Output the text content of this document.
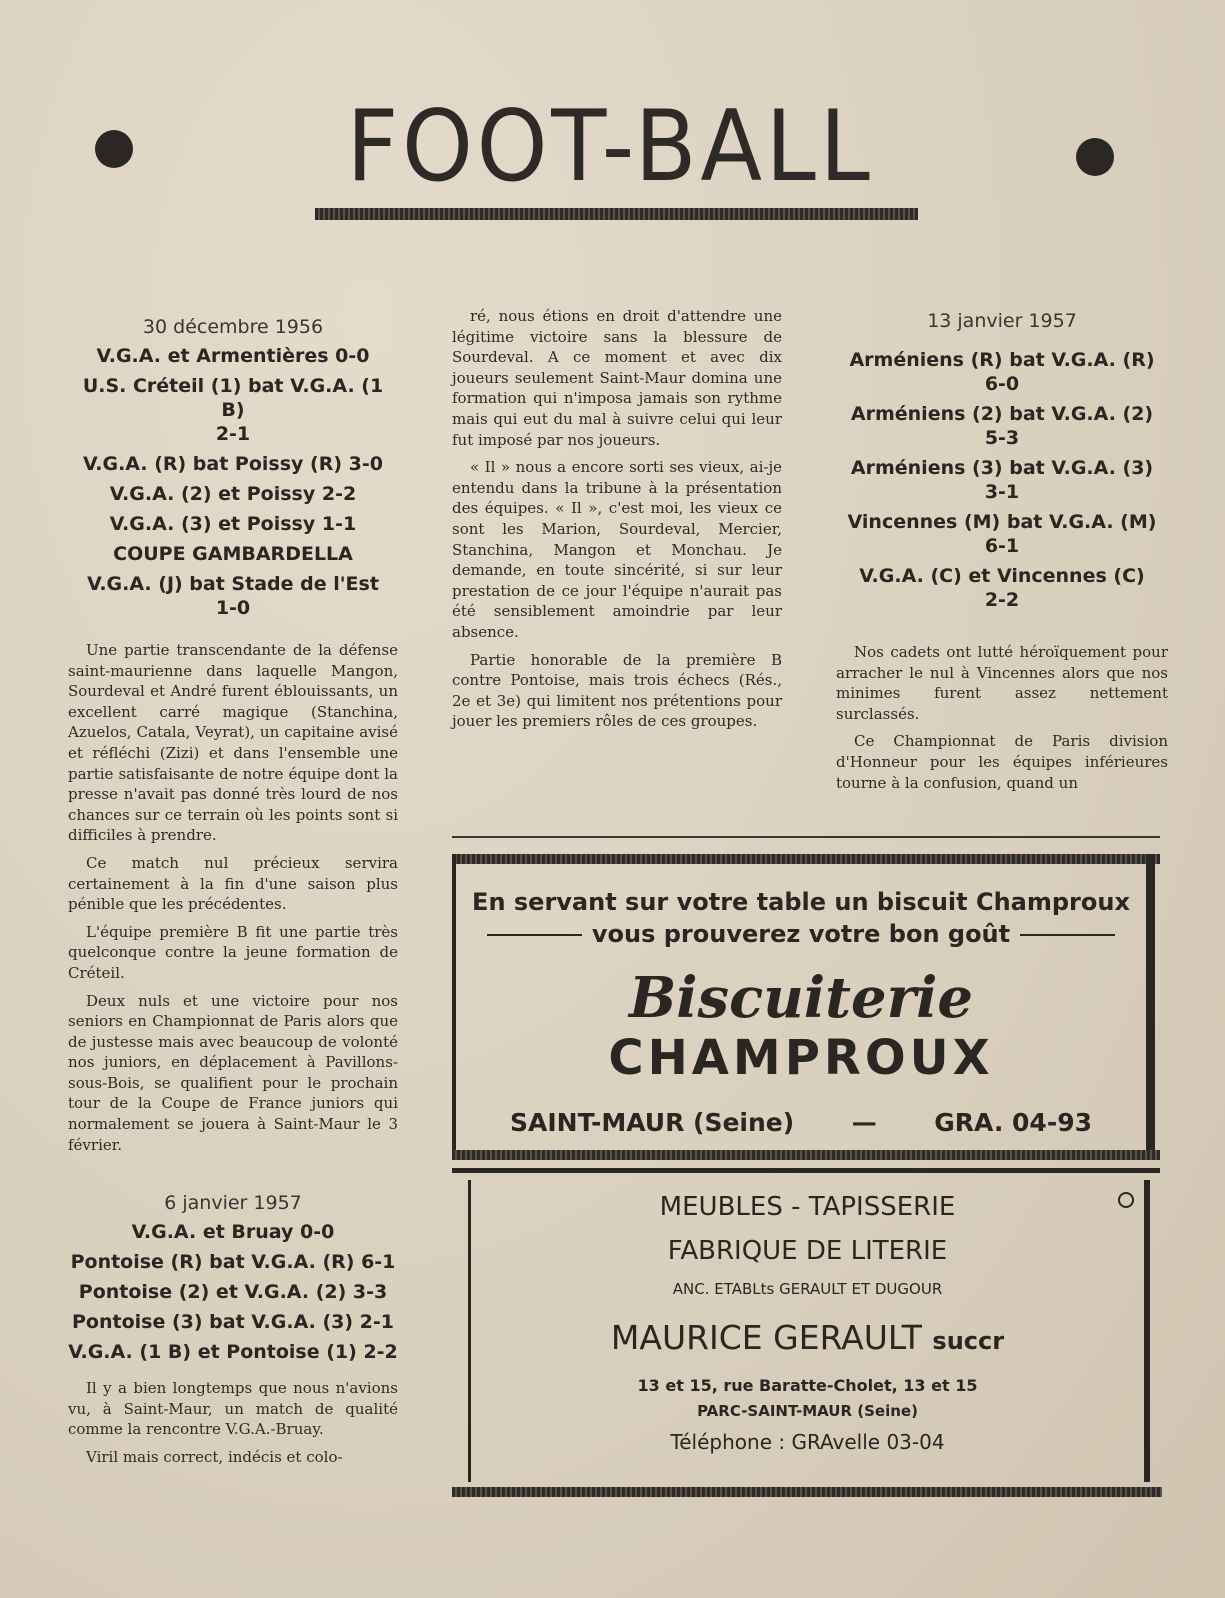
FOOT-BALL
30 décembre 1956
V.G.A. et Armentières 0-0
U.S. Créteil (1) bat V.G.A. (1 B)
2-1
V.G.A. (R) bat Poissy (R) 3-0
V.G.A. (2) et Poissy 2-2
V.G.A. (3) et Poissy 1-1
COUPE GAMBARDELLA
V.G.A. (J) bat Stade de l'Est
1-0

Une partie transcendante de la défense saint-maurienne dans laquelle Mangon, Sourdeval et André furent éblouissants, un excellent carré magique (Stanchina, Azuelos, Catala, Veyrat), un capitaine avisé et réfléchi (Zizi) et dans l'ensemble une partie satisfaisante de notre équipe dont la presse n'avait pas donné très lourd de nos chances sur ce terrain où les points sont si difficiles à prendre.

Ce match nul précieux servira certainement à la fin d'une saison plus pénible que les précédentes.

L'équipe première B fit une partie très quelconque contre la jeune formation de Créteil.

Deux nuls et une victoire pour nos seniors en Championnat de Paris alors que de justesse mais avec beaucoup de volonté nos juniors, en déplacement à Pavillons-sous-Bois, se qualifient pour le prochain tour de la Coupe de France juniors qui normalement se jouera à Saint-Maur le 3 février.

6 janvier 1957
V.G.A. et Bruay 0-0
Pontoise (R) bat V.G.A. (R) 6-1
Pontoise (2) et V.G.A. (2) 3-3
Pontoise (3) bat V.G.A. (3) 2-1
V.G.A. (1 B) et Pontoise (1) 2-2

Il y a bien longtemps que nous n'avions vu, à Saint-Maur, un match de qualité comme la rencontre V.G.A.-Bruay.

Viril mais correct, indécis et colo-

ré, nous étions en droit d'attendre une légitime victoire sans la blessure de Sourdeval. A ce moment et avec dix joueurs seulement Saint-Maur domina une formation qui n'imposa jamais son rythme mais qui eut du mal à suivre celui qui leur fut imposé par nos joueurs.

« Il » nous a encore sorti ses vieux, ai-je entendu dans la tribune à la présentation des équipes. « Il », c'est moi, les vieux ce sont les Marion, Sourdeval, Mercier, Stanchina, Mangon et Monchau. Je demande, en toute sincérité, si sur leur prestation de ce jour l'équipe n'aurait pas été sensiblement amoindrie par leur absence.

Partie honorable de la première B contre Pontoise, mais trois échecs (Rés., 2e et 3e) qui limitent nos prétentions pour jouer les premiers rôles de ces groupes.

13 janvier 1957
Arméniens (R) bat V.G.A. (R)
6-0
Arméniens (2) bat V.G.A. (2)
5-3
Arméniens (3) bat V.G.A. (3)
3-1
Vincennes (M) bat V.G.A. (M)
6-1
V.G.A. (C) et Vincennes (C)
2-2

Nos cadets ont lutté héroïquement pour arracher le nul à Vincennes alors que nos minimes furent assez nettement surclassés.

Ce Championnat de Paris division d'Honneur pour les équipes inférieures tourne à la confusion, quand un

En servant sur votre table un biscuit Champroux
vous prouverez votre bon goût
Biscuiterie
CHAMPROUX
SAINT-MAUR (Seine) — GRA. 04-93
MEUBLES - TAPISSERIE
FABRIQUE DE LITERIE
ANC. ETABLts GERAULT ET DUGOUR
MAURICE GERAULT succr
13 et 15, rue Baratte-Cholet, 13 et 15
PARC-SAINT-MAUR (Seine)
Téléphone : GRAvelle 03-04
